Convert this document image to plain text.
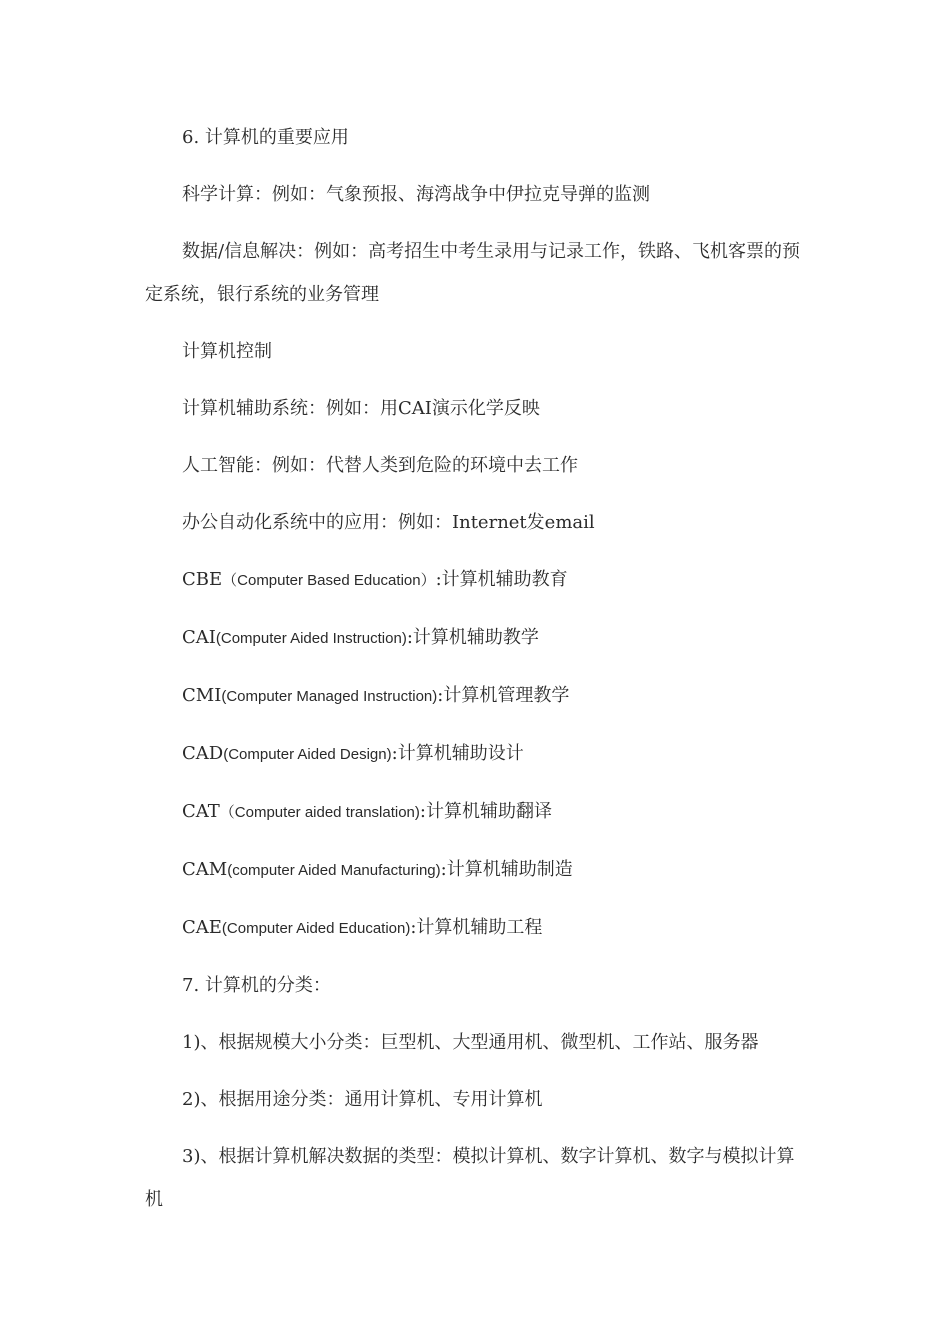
6. 计算机的重要应用

科学计算：例如：气象预报、海湾战争中伊拉克导弹的监测

数据/信息解决：例如：高考招生中考生录用与记录工作，铁路、飞机客票的预定系统，银行系统的业务管理

计算机控制

计算机辅助系统：例如：用CAI演示化学反映

人工智能：例如：代替人类到危险的环境中去工作

办公自动化系统中的应用：例如：Internet发email

CBE（Computer Based Education）:计算机辅助教育

CAI(Computer Aided Instruction):计算机辅助教学

CMI(Computer Managed Instruction):计算机管理教学

CAD(Computer Aided Design):计算机辅助设计

CAT（Computer aided translation):计算机辅助翻译

CAM(computer Aided Manufacturing):计算机辅助制造

CAE(Computer Aided Education):计算机辅助工程

7. 计算机的分类：

1)、根据规模大小分类：巨型机、大型通用机、微型机、工作站、服务器

2)、根据用途分类：通用计算机、专用计算机

3)、根据计算机解决数据的类型：模拟计算机、数字计算机、数字与模拟计算机
